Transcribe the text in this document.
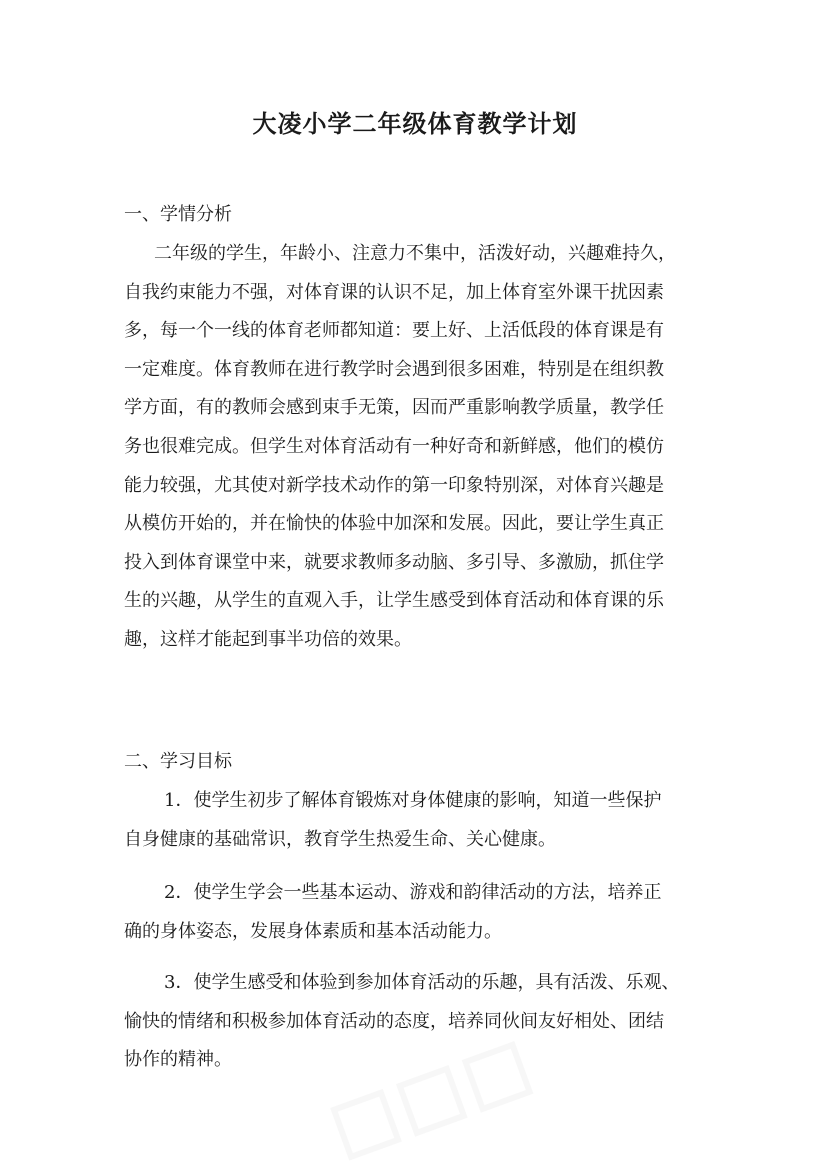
大凌小学二年级体育教学计划
一、学情分析

二年级的学生，年龄小、注意力不集中，活泼好动，兴趣难持久，
自我约束能力不强，对体育课的认识不足，加上体育室外课干扰因素
多，每一个一线的体育老师都知道：要上好、上活低段的体育课是有
一定难度。体育教师在进行教学时会遇到很多困难，特别是在组织教
学方面，有的教师会感到束手无策，因而严重影响教学质量，教学任
务也很难完成。但学生对体育活动有一种好奇和新鲜感，他们的模仿
能力较强，尤其使对新学技术动作的第一印象特别深，对体育兴趣是
从模仿开始的，并在愉快的体验中加深和发展。因此，要让学生真正
投入到体育课堂中来，就要求教师多动脑、多引导、多激励，抓住学
生的兴趣，从学生的直观入手，让学生感受到体育活动和体育课的乐
趣，这样才能起到事半功倍的效果。

二、学习目标

1．使学生初步了解体育锻炼对身体健康的影响，知道一些保护
自身健康的基础常识，教育学生热爱生命、关心健康。

2．使学生学会一些基本运动、游戏和韵律活动的方法，培养正
确的身体姿态，发展身体素质和基本活动能力。

3．使学生感受和体验到参加体育活动的乐趣，具有活泼、乐观、
愉快的情绪和积极参加体育活动的态度，培养同伙间友好相处、团结
协作的精神。
